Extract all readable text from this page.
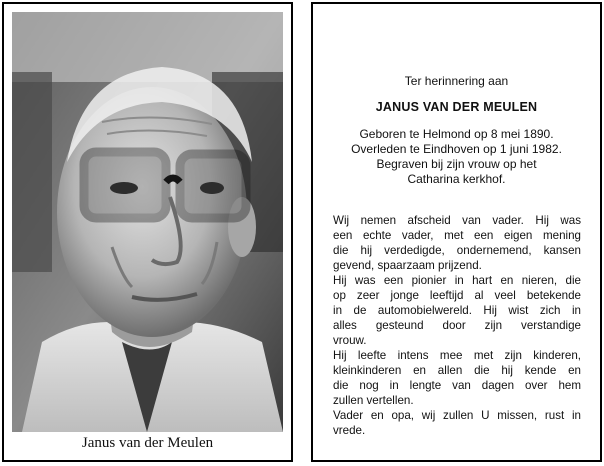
Janus van der Meulen
Ter herinnering aan
JANUS VAN DER MEULEN
Geboren te Helmond op 8 mei 1890.
Overleden te Eindhoven op 1 juni 1982.
Begraven bij zijn vrouw op het
Catharina kerkhof.
Wij nemen afscheid van vader. Hij was
een echte vader, met een eigen mening
die hij verdedigde, ondernemend, kansen
gevend, spaarzaam prijzend.
Hij was een pionier in hart en nieren, die
op zeer jonge leeftijd al veel betekende
in de automobielwereld. Hij wist zich in
alles gesteund door zijn verstandige
vrouw.
Hij leefte intens mee met zijn kinderen,
kleinkinderen en allen die hij kende en
die nog in lengte van dagen over hem
zullen vertellen.
Vader en opa, wij zullen U missen, rust in
vrede.
